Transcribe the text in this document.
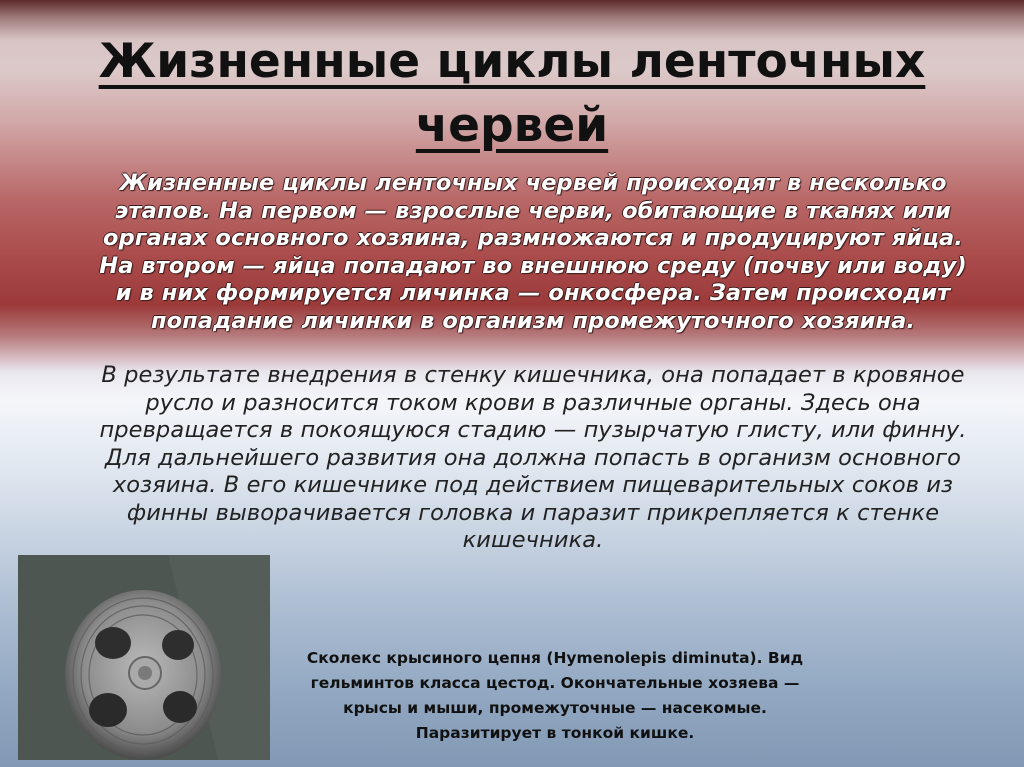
Жизненные циклы ленточных червей

Жизненные циклы ленточных червей происходят в несколько этапов. На первом — взрослые черви, обитающие в тканях или органах основного хозяина, размножаются и продуцируют яйца. На втором — яйца попадают во внешнюю среду (почву или воду) и в них формируется личинка — онкосфера. Затем происходит попадание личинки в организм промежуточного хозяина.

В результате внедрения в стенку кишечника, она попадает в кровяное русло и разносится током крови в различные органы. Здесь она превращается в покоящуюся стадию — пузырчатую глисту, или финну. Для дальнейшего развития она должна попасть в организм основного хозяина. В его кишечнике под действием пищеварительных соков из финны выворачивается головка и паразит прикрепляется к стенке кишечника.

Сколекс крысиного цепня (Hymenolepis diminuta). Вид гельминтов класса цестод. Окончательные хозяева — крысы и мыши, промежуточные — насекомые. Паразитирует в тонкой кишке.
